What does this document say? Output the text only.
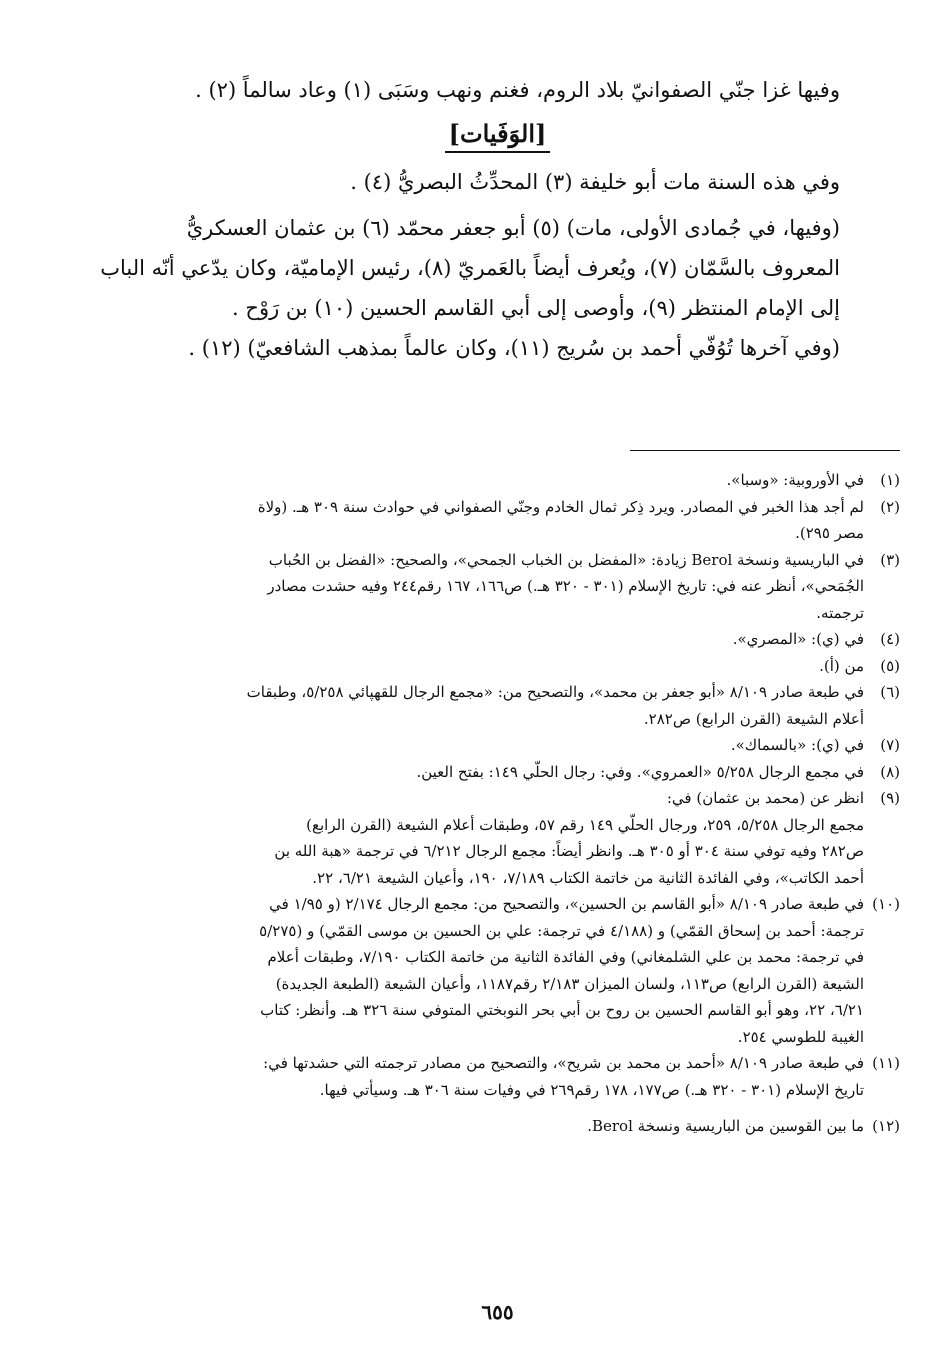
وفيها غزا جنّي الصفوانيّ بلاد الروم، فغنم ونهب وسَبَى (١) وعاد سالماً (٢) .

[الوَفَيات]

وفي هذه السنة مات أبو خليفة (٣) المحدِّثُ البصريُّ (٤) .

(وفيها، في جُمادى الأولى، مات) (٥) أبو جعفر محمّد (٦) بن عثمان العسكريُّ
المعروف بالسَّمّان (٧)، ويُعرف أيضاً بالعَمريّ (٨)، رئيس الإماميّة، وكان يدّعي أنّه الباب
إلى الإمام المنتظر (٩)، وأوصى إلى أبي القاسم الحسين (١٠) بن رَوْح .

(وفي آخرها تُوُفّي أحمد بن سُريج (١١)، وكان عالماً بمذهب الشافعيّ) (١٢) .

(١)
في الأوروبية: «وسبا».
(٢)
لم أجد هذا الخبر في المصادر. ويرد ذِكر ثمال الخادم وجنّي الصفواني في حوادث سنة ٣٠٩ هـ. (ولاة
مصر ٢٩٥).
(٣)
في الباريسية ونسخة Berol زيادة: «المفضل بن الخباب الجمحي»، والصحيح: «الفضل بن الحُباب
الجُمَحي»، أنظر عنه في: تاريخ الإسلام (٣٠١ - ٣٢٠ هـ.) ص١٦٦، ١٦٧ رقم٢٤٤ وفيه حشدت مصادر
ترجمته.
(٤)
في (ي): «المصري».
(٥)
من (أ).
(٦)
في طبعة صادر ٨/١٠٩ «أبو جعفر بن محمد»، والتصحيح من: «مجمع الرجال للقهپائي ٥/٢٥٨، وطبقات
أعلام الشيعة (القرن الرابع) ص٢٨٢.
(٧)
في (ي): «بالسماك».
(٨)
في مجمع الرجال ٥/٢٥٨ «العمروي». وفي: رجال الحلّي ١٤٩: بفتح العين.
(٩)
انظر عن (محمد بن عثمان) في:
مجمع الرجال ٥/٢٥٨، ٢٥٩، ورجال الحلّي ١٤٩ رقم ٥٧، وطبقات أعلام الشيعة (القرن الرابع)
ص٢٨٢ وفيه توفي سنة ٣٠٤ أو ٣٠٥ هـ. وانظر أيضاً: مجمع الرجال ٦/٢١٢ في ترجمة «هبة الله بن
أحمد الكاتب»، وفي الفائدة الثانية من خاتمة الكتاب ٧/١٨٩، ١٩٠، وأعيان الشيعة ٦/٢١، ٢٢.
(١٠)
في طبعة صادر ٨/١٠٩ «أبو القاسم بن الحسين»، والتصحيح من: مجمع الرجال ٢/١٧٤ (و ١/٩٥ في
ترجمة: أحمد بن إسحاق القمّي) و (٤/١٨٨ في ترجمة: علي بن الحسين بن موسى القمّي) و (٥/٢٧٥
في ترجمة: محمد بن علي الشلمغاني) وفي الفائدة الثانية من خاتمة الكتاب ٧/١٩٠، وطبقات أعلام
الشيعة (القرن الرابع) ص١١٣، ولسان الميزان ٢/١٨٣ رقم١١٨٧، وأعيان الشيعة (الطبعة الجديدة)
٦/٢١، ٢٢، وهو أبو القاسم الحسين بن روح بن أبي بحر النوبختي المتوفي سنة ٣٢٦ هـ. وأنظر: كتاب
الغيبة للطوسي ٢٥٤.
(١١)
في طبعة صادر ٨/١٠٩ «أحمد بن محمد بن شريح»، والتصحيح من مصادر ترجمته التي حشدتها في:
تاريخ الإسلام (٣٠١ - ٣٢٠ هـ.) ص١٧٧، ١٧٨ رقم٢٦٩ في وفيات سنة ٣٠٦ هـ. وسيأتي فيها.
(١٢)
ما بين القوسين من الباريسية ونسخة Berol.
٦٥٥
